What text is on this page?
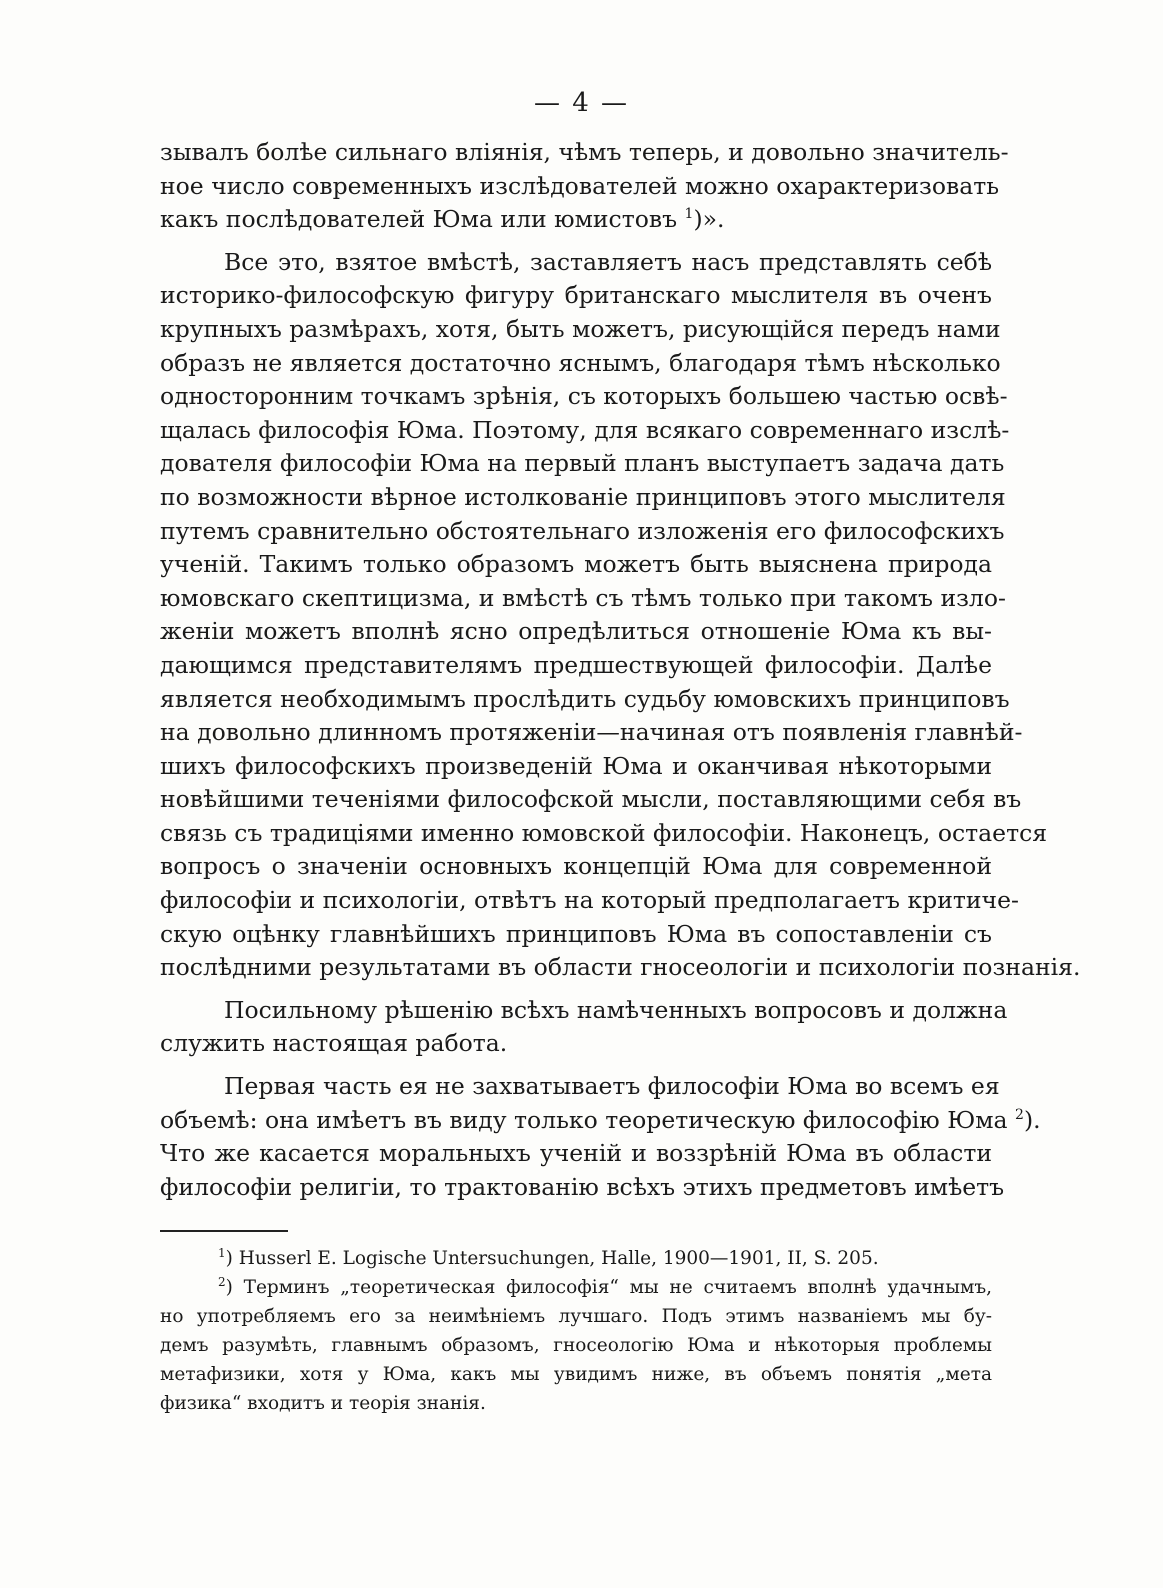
— 4 —
зывалъ болѣе сильнаго вліянія, чѣмъ теперь, и довольно значитель-
ное число современныхъ изслѣдователей можно охарактеризовать
какъ послѣдователей Юма или юмистовъ $^1$)».
Все это, взятое вмѣстѣ, заставляетъ насъ представлять себѣ
историко-философскую фигуру британскаго мыслителя въ оченъ
крупныхъ размѣрахъ, хотя, быть можетъ, рисующійся передъ нами
образъ не является достаточно яснымъ, благодаря тѣмъ нѣсколько
односторонним точкамъ зрѣнія, съ которыхъ большею частью освѣ-
щалась философія Юма. Поэтому, для всякаго современнаго изслѣ-
дователя философіи Юма на первый планъ выступаетъ задача дать
по возможности вѣрное истолкованіе принциповъ этого мыслителя
путемъ сравнительно обстоятельнаго изложенія его философскихъ
ученій. Такимъ только образомъ можетъ быть выяснена природа
юмовскаго скептицизма, и вмѣстѣ съ тѣмъ только при такомъ изло-
женіи можетъ вполнѣ ясно опредѣлиться отношеніе Юма къ вы-
дающимся представителямъ предшествующей философіи. Далѣе
является необходимымъ прослѣдить судьбу юмовскихъ принциповъ
на довольно длинномъ протяженіи—начиная отъ появленія главнѣй-
шихъ философскихъ произведеній Юма и оканчивая нѣкоторыми
новѣйшими теченіями философской мысли, поставляющими себя въ
связь съ традиціями именно юмовской философіи. Наконецъ, остается
вопросъ о значеніи основныхъ концепцій Юма для современной
философіи и психологіи, отвѣтъ на который предполагаетъ критиче-
скую оцѣнку главнѣйшихъ принциповъ Юма въ сопоставленіи съ
послѣдними результатами въ области гносеологіи и психологіи познанія.
Посильному рѣшенію всѣхъ намѣченныхъ вопросовъ и должна
служить настоящая работа.
Первая часть ея не захватываетъ философіи Юма во всемъ ея
объемѣ: она имѣетъ въ виду только теоретическую философію Юма $^2$).
Что же касается моральныхъ ученій и воззрѣній Юма въ области
философіи религіи, то трактованію всѣхъ этихъ предметовъ имѣетъ
$^1$) Husserl E. Logische Untersuchungen, Halle, 1900—1901, II, S. 205.
$^2$) Терминъ „теоретическая философія“ мы не считаемъ вполнѣ удачнымъ,
но употребляемъ его за неимѣніемъ лучшаго. Подъ этимъ названіемъ мы бу-
демъ разумѣть, главнымъ образомъ, гносеологію Юма и нѣкоторыя проблемы
метафизики, хотя у Юма, какъ мы увидимъ ниже, въ объемъ понятія „мета
физика“ входитъ и теорія знанія.
